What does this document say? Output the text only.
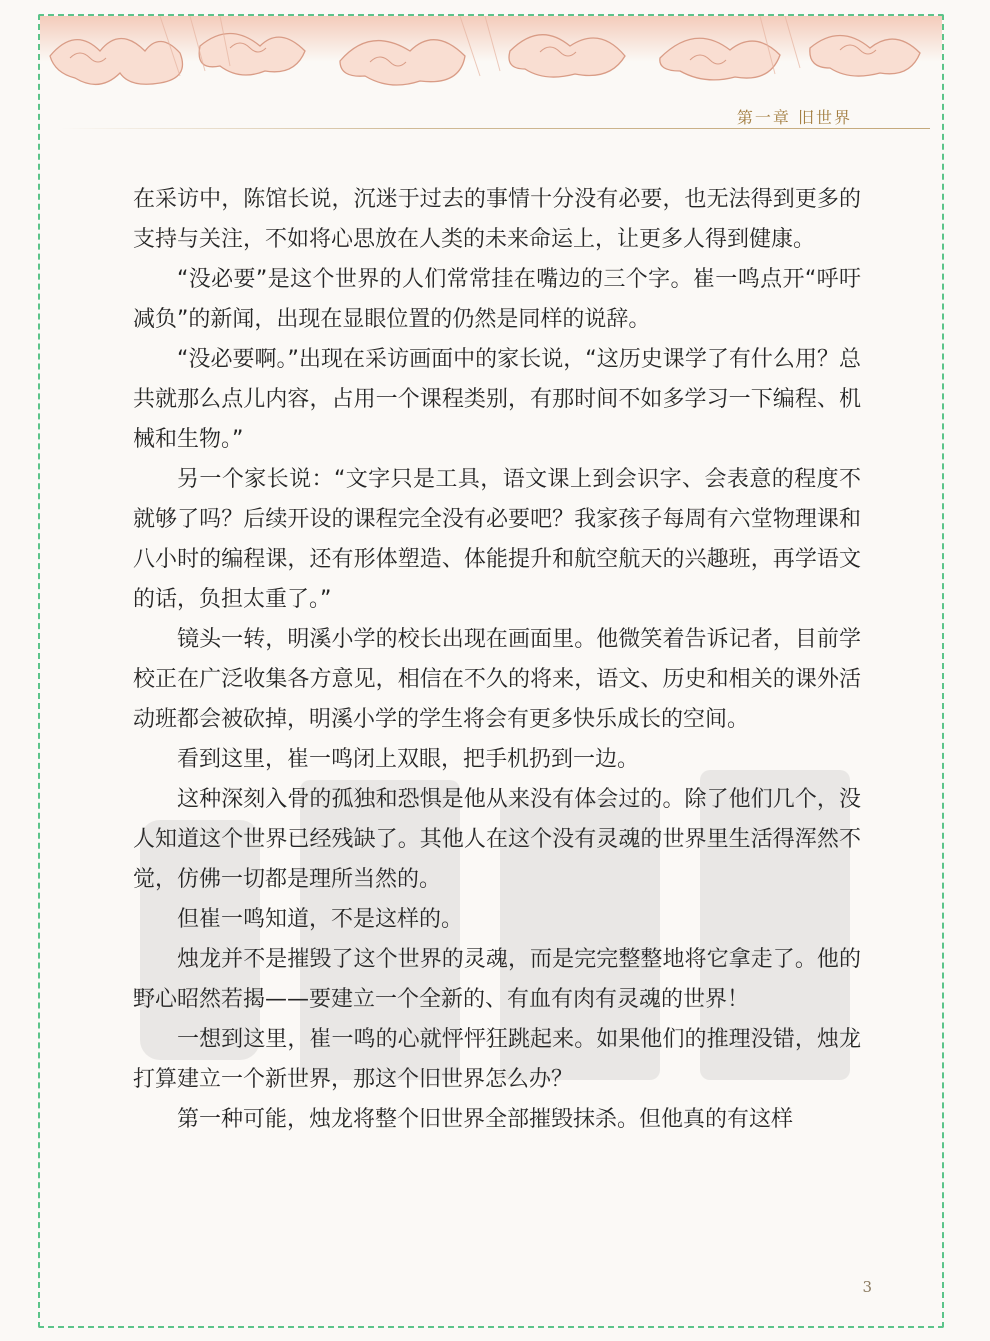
第一章 旧世界

在采访中，陈馆长说，沉迷于过去的事情十分没有必要，也无法得到更多的支持与关注，不如将心思放在人类的未来命运上，让更多人得到健康。

“没必要”是这个世界的人们常常挂在嘴边的三个字。崔一鸣点开“呼吁减负”的新闻，出现在显眼位置的仍然是同样的说辞。

“没必要啊。”出现在采访画面中的家长说，“这历史课学了有什么用？总共就那么点儿内容，占用一个课程类别，有那时间不如多学习一下编程、机械和生物。”

另一个家长说：“文字只是工具，语文课上到会识字、会表意的程度不就够了吗？后续开设的课程完全没有必要吧？我家孩子每周有六堂物理课和八小时的编程课，还有形体塑造、体能提升和航空航天的兴趣班，再学语文的话，负担太重了。”

镜头一转，明溪小学的校长出现在画面里。他微笑着告诉记者，目前学校正在广泛收集各方意见，相信在不久的将来，语文、历史和相关的课外活动班都会被砍掉，明溪小学的学生将会有更多快乐成长的空间。

看到这里，崔一鸣闭上双眼，把手机扔到一边。

这种深刻入骨的孤独和恐惧是他从来没有体会过的。除了他们几个，没人知道这个世界已经残缺了。其他人在这个没有灵魂的世界里生活得浑然不觉，仿佛一切都是理所当然的。

但崔一鸣知道，不是这样的。

烛龙并不是摧毁了这个世界的灵魂，而是完完整整地将它拿走了。他的野心昭然若揭——要建立一个全新的、有血有肉有灵魂的世界！

一想到这里，崔一鸣的心就怦怦狂跳起来。如果他们的推理没错，烛龙打算建立一个新世界，那这个旧世界怎么办？

第一种可能，烛龙将整个旧世界全部摧毁抹杀。但他真的有这样

3
